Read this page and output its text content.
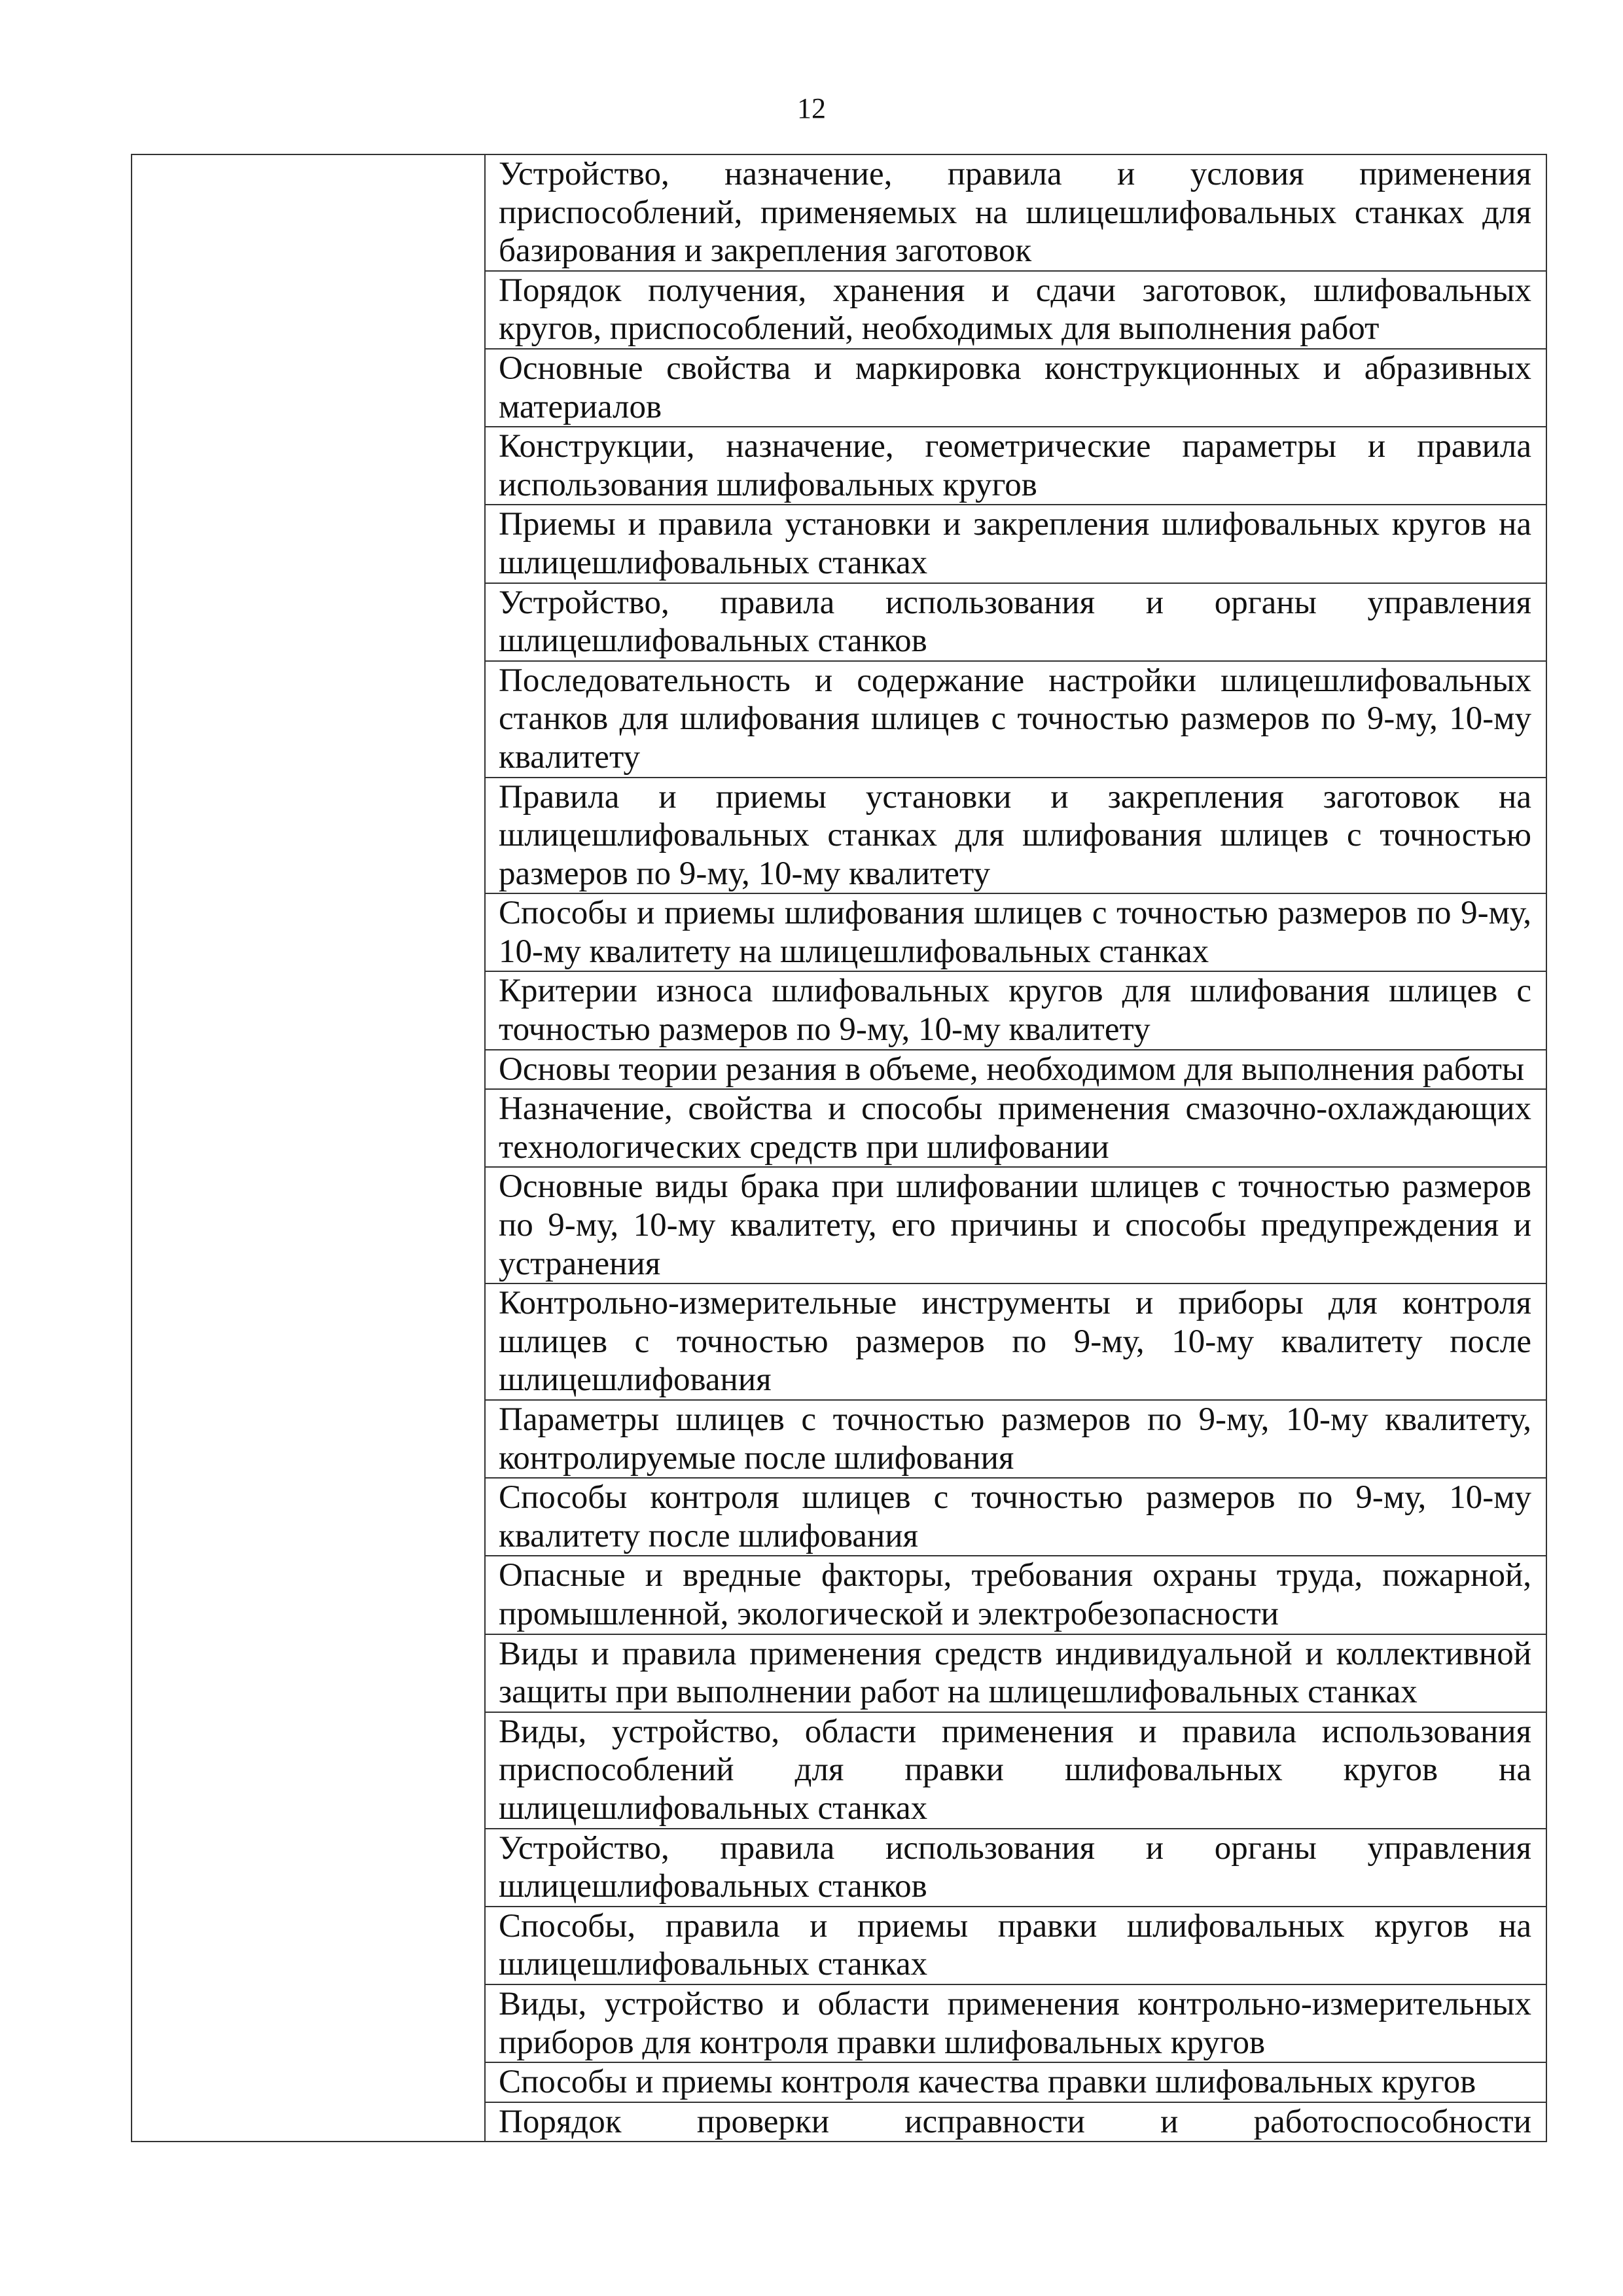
12

Устройство, назначение, правила и условия применения приспособлений, применяемых на шлицешлифовальных станках для базирования и закрепления заготовок

Порядок получения, хранения и сдачи заготовок, шлифовальных кругов, приспособлений, необходимых для выполнения работ

Основные свойства и маркировка конструкционных и абразивных материалов

Конструкции, назначение, геометрические параметры и правила использования шлифовальных кругов

Приемы и правила установки и закрепления шлифовальных кругов на шлицешлифовальных станках

Устройство, правила использования и органы управления шлицешлифовальных станков

Последовательность и содержание настройки шлицешлифовальных станков для шлифования шлицев с точностью размеров по 9-му, 10-му квалитету

Правила и приемы установки и закрепления заготовок на шлицешлифовальных станках для шлифования шлицев с точностью размеров по 9-му, 10-му квалитету

Способы и приемы шлифования шлицев с точностью размеров по 9-му, 10-му квалитету на шлицешлифовальных станках

Критерии износа шлифовальных кругов для шлифования шлицев с точностью размеров по 9-му, 10-му квалитету

Основы теории резания в объеме, необходимом для выполнения работы

Назначение, свойства и способы применения смазочно-охлаждающих технологических средств при шлифовании

Основные виды брака при шлифовании шлицев с точностью размеров по 9-му, 10-му квалитету, его причины и способы предупреждения и устранения

Контрольно-измерительные инструменты и приборы для контроля шлицев с точностью размеров по 9-му, 10-му квалитету после шлицешлифования

Параметры шлицев с точностью размеров по 9-му, 10-му квалитету, контролируемые после шлифования

Способы контроля шлицев с точностью размеров по 9-му, 10-му квалитету после шлифования

Опасные и вредные факторы, требования охраны труда, пожарной, промышленной, экологической и электробезопасности

Виды и правила применения средств индивидуальной и коллективной защиты при выполнении работ на шлицешлифовальных станках

Виды, устройство, области применения и правила использования приспособлений для правки шлифовальных кругов на шлицешлифовальных станках

Устройство, правила использования и органы управления шлицешлифовальных станков

Способы, правила и приемы правки шлифовальных кругов на шлицешлифовальных станках

Виды, устройство и области применения контрольно-измерительных приборов для контроля правки шлифовальных кругов

Способы и приемы контроля качества правки шлифовальных кругов

Порядок проверки исправности и работоспособности
